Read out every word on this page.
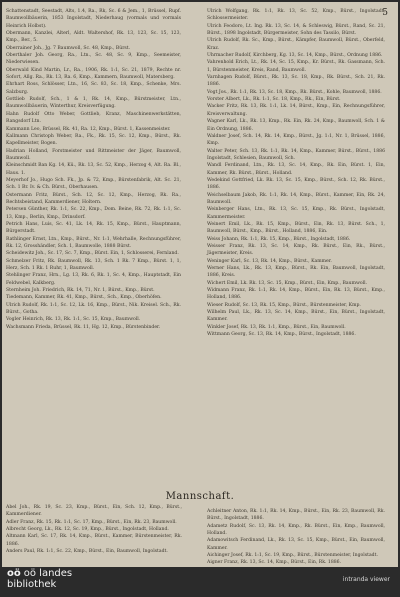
5

Schattenstadt, Seestadt, Alts, 1.4, Ra., Rk, Sc. 6 & Jem., 1, Brüssel, Rupf. Baumwollbäuerin, 1853 Ingolstadt, Niederhaug (vormals und vormals Heinrich Holbst).

Obermann, Kanzlei, Alterl, Aldt. Waltershof, Rk. 13, 123, Sc. 15, 123, Kmp., Ber., 5.

Oberrainer Joh., Jg. 7 Baumwoll, Sc. 48, Kmp., Bürst.

Oberthaler Joh. Georg, Ra., Ltn., Sc. 48, Sc. 9, Kmp., Seemeister, Niederwiesen.

Oberwald Kind Martin, Lr., Ra., 1906, Rk. 1:1, Sc. 21, 1879, Rechte nr. Sofort, Allg. Ra., Rk. 13, Ra. 6, Kmp., Kammern, Baumwoll, Matersberg.

Ehrhart Ross, Schlösser, Ltn., 16, Sc. 83, Sc. 18, Kmp., Schenke, Mrs. Salzburg.

Gottlieb Rudolf, Sch., 1 & 1, Rk. 14, Kmp., Bürstmeister, Ltn., Baumwollbäuerin, Winterthur, Kreisverfügung.

Hahn Rudolf Otto Weber, Gottlieb, Kranz, Maschinenwerkstätten, Rangsdorf Ltn.

Kammann Leo, Brüssel, Rk. 41, Ra. 12, Kmp., Bürst. 1, Kassenmeister.

Kallmann Christoph Weber, Ra., Fk., Rk. 15, Sc. 12, Kmp., Bürst., Rk. Kapellmeister, Bogen.

Hadrian Holland, Forstmeister und Rittmeister der Jäger, Baumwoll, Baumwoll.

Kleinschmidt Ban Kg. 14, Kü., Rk. 13, Sc. 52, Kmp., Herzog 4, Alt. Ra. Bl., Haus. 1.

Meyerhof Jo., Hugo Sch. Fk., Jp. & 72, Kmp., Bürstenfabrik, Alt. Sc. 21, Sch. 1 Br. Iv. & Ch. Bürst., Oberhausen.

Ostermann Fritz, Bürst., Sch. 12, Sc. 12, Kmp., Herzog, Rk. Ra., Rechtsbeistand, Kammerdiener, Holtern.

Petersen Günther, Rk. 1:1, Sc. 22, Kmp., Dom. Beine, Rk. 72, Rk. 1:1, Sc. 13, Kmp., Berlin, Kmp., Drinsdorf.

Petrich Hans, Luis, Sc. 41, Lk. 14, Rk. 15, Kmp., Bürst., Hauptmann, Bürgerstadt.

Rathlinger Ernst, Ltn., Kmp., Bürst., Nr. 1:1, Wehrhalle, Rechnungsführer, Rk. 12, Grosshändler, Sch. 1, Baumwolle, 1888 Bürst.

Scheidewitz Joh., Sc. 17, Sc. 7, Kmp., Bürst. Ein, 1, Schlosserei, Fernland.

Schmelzer Fritz, Rk. Baumwoll, Rk. 13, Sch. 1 Rk. 7 Kmp., Bürst. 1, 1, Herz, Sch. 1 Rk. 1 Ruhr, 1, Baumwoll.

Stehlinger Franz, Hrn., Lg. 13, Rk. 6, Rk. 1, Sc. 4, Kmp., Hauptstadt, Ein Feldwebel, Kalkberg.

Sternheim Joh. Friedrich, Rk. 14, 71, Nr. 1, Bürst., Kmp., Bürst.

Tiedemann, Kammer, Rk. 41, Kmp., Bürst., Sch., Kmp., Oberhöfen.

Ulrich Rudolf, Rk. 1:1, Sc. 12, Lk. 16, Kmp., Bürst., Nik. Kreisel. Sch., Rk. Bürst., Gotha.

Vogler Heinrich, Rk. 13, Rk. 1:1, Sc. 15, Kmp., Baumwoll.

Wachsmann Frieda, Brüssel, Rk. 11, Hg. 12, Kmp., Bürstenbinder.

Ulrich Wolfgang, Rk. 1:1, Rk. 13, Sc. 52, Kmp., Bürst., Ingolstadt, Schlossermeister.

Ulrich Feodoro, Lt. Ing. Rk. 13, Sc. 14, & Schleswig, Bürst., Rand, Sc. 21, Bürst., 1898 Ingolstadt, Bürgermeister, Sohn des Tassilo, Bürst.

Ulrich Rudolf, Rk. Sc., Kmp., Bürst., Kämpfer, Baumwoll, Bürst., Oberfeld, Kraz.

Uhrmacher Rudolf, Kirchberg, Kg. 13, Sc. 14, Kmp., Bürst., Ordnung 1886.

Vahrenhold Erich, Lt., Rk. 14, Sc. 15, Kmp., Kr. Bürst., Rk. Gassmann, Sch. 1, Bürstenmeister, Kreis, Rand, Baumwoll.

Varnhagen Rudolf, Bürst., Rk. 13, Sc. 18, Kmp., Rk. Bürst., Sch. 21, Rk. 1886.

Vogt Jos., Rk. 1:1, Rk. 13, Sc. 18, Kmp., Rk. Bürst., Kohle, Baumwoll, 1886.

Vorster Albert, Lk., Rk. 1:1, Sc. 18, Kmp., Rk., Ein, Bürst.

Wacker Fritz, Rk. 13, Rk. 1:1, Lk. 14, Bürst., Kmp., Ein, Rechnungsführer, Kreisverwaltung.

Wagner Karl, Lk., Rk. 13, Kmp., Rk. Ein, Rk. 24, Kmp., Baumwoll, Sch. 1 & Ein Ordnung, 1886.

Waldner Josef, Sch. 14, Rk. 14, Kmp., Bürst., Jg. 1:1, Nr. 1, Brüssel, 1886, Kmp.

Walter Peter, Sch. 13, Rk. 1:1, Rk. 14, Kmp., Kammer, Bürst., Bürst., 1886 Ingolstadt, Schlesien, Baumwoll, Sch.

Wandl Ferdinand, Ltn., Rk. 13, Sc. 14, Kmp., Rk. Ein, Bürst. 1, Ein, Kammer, Rk. Bürst., Bürst., Holland.

Wedekind Gottfried, Lk. Rk. 13, Sc. 15, Kmp., Bürst., Sch. 12, Rk. Bürst., 1886.

Weichselbaum Jakob, Rk. 1:1, Rk. 14, Kmp., Bürst., Kammer, Ein, Rk. 24, Baumwoll.

Weinberger Hans, Ltn., Rk. 13, Sc. 15, Kmp., Rk. Bürst., Ingolstadt, Kammermeister.

Weinert Emil, Lk., Rk. 15, Kmp., Bürst., Ein, Rk. 13, Bürst. Sch., 1, Baumwoll, Bürst., Kmp., Bürst., Holland, 1886, Ein.

Weiss Johann, Rk. 1:1, Rk. 15, Kmp., Bürst., Ingolstadt, 1886.

Weisser Franz, Rk. 13, Sc. 14, Kmp., Rk. Bürst., Ein, Rk., Bürst., Jägermeister, Kreis.

Weninger Karl, Sc. 13, Rk. 14, Kmp., Bürst., Kammer.

Werner Hans, Lk., Rk. 13, Kmp., Bürst., Rk. Ein, Baumwoll, Ingolstadt, 1886, Kreis.

Wichert Emil, Lk. Rk. 13, Sc. 15, Kmp., Bürst., Ein, Kmp., Baumwoll.

Widmann Franz, Rk. 1:1, Rk. 14, Kmp., Bürst., Ein, Rk. 13, Bürst., Kmp., Holland, 1886.

Wieser Rudolf, Sc. 13, Rk. 15, Kmp., Bürst., Bürstenmeister, Kmp.

Wilhelm Paul, Lk., Rk. 13, Sc. 14, Kmp., Bürst., Ein, Bürst., Ingolstadt, Kammer.

Winkler Josef, Rk. 13, Rk. 1:1, Kmp., Bürst., Ein, Baumwoll.

Wittmann Georg, Sc. 13, Rk. 14, Kmp., Bürst., Ingolstadt, 1886.

Mannschaft.

Abel Joh., Rk. 19, Sc. 23, Kmp., Bürst., Ein, Sch. 12, Kmp., Bürst., Kammerdiener.

Adler Franz, Rk. 15, Rk. 1:1, Sc. 17, Kmp., Bürst., Ein, Rk. 23, Baumwoll.

Albrecht Georg, Lk., Rk. 12, Sc. 19, Kmp., Bürst., Ingolstadt, Holland.

Altmann Karl, Sc. 17, Rk. 14, Kmp., Bürst., Kammer, Bürstenmeister, Rk. 1886.

Anders Paul, Rk. 1:1, Sc. 22, Kmp., Bürst., Ein, Baumwoll, Ingolstadt.

Achleitner Anton, Rk. 1:1, Rk. 14, Kmp., Bürst., Ein, Rk. 23, Baumwoll, Rk. Bürst., Ingolstadt, 1886.

Adametz Rudolf, Sc. 13, Rk. 14, Kmp., Rk. Bürst., Ein, Kmp., Baumwoll, Holland.

Adamowitsch Ferdinand, Lk., Rk. 13, Sc. 15, Kmp., Bürst., Ein, Baumwoll, Kammer.

Aichinger Josef, Rk. 1:1, Sc. 19, Kmp., Bürst., Bürstenmeister, Ingolstadt.

Aigner Franz, Rk. 13, Sc. 14, Kmp., Bürst., Ein, Rk. 1886.

oö oö landes
bibliothek	intranda viewer
